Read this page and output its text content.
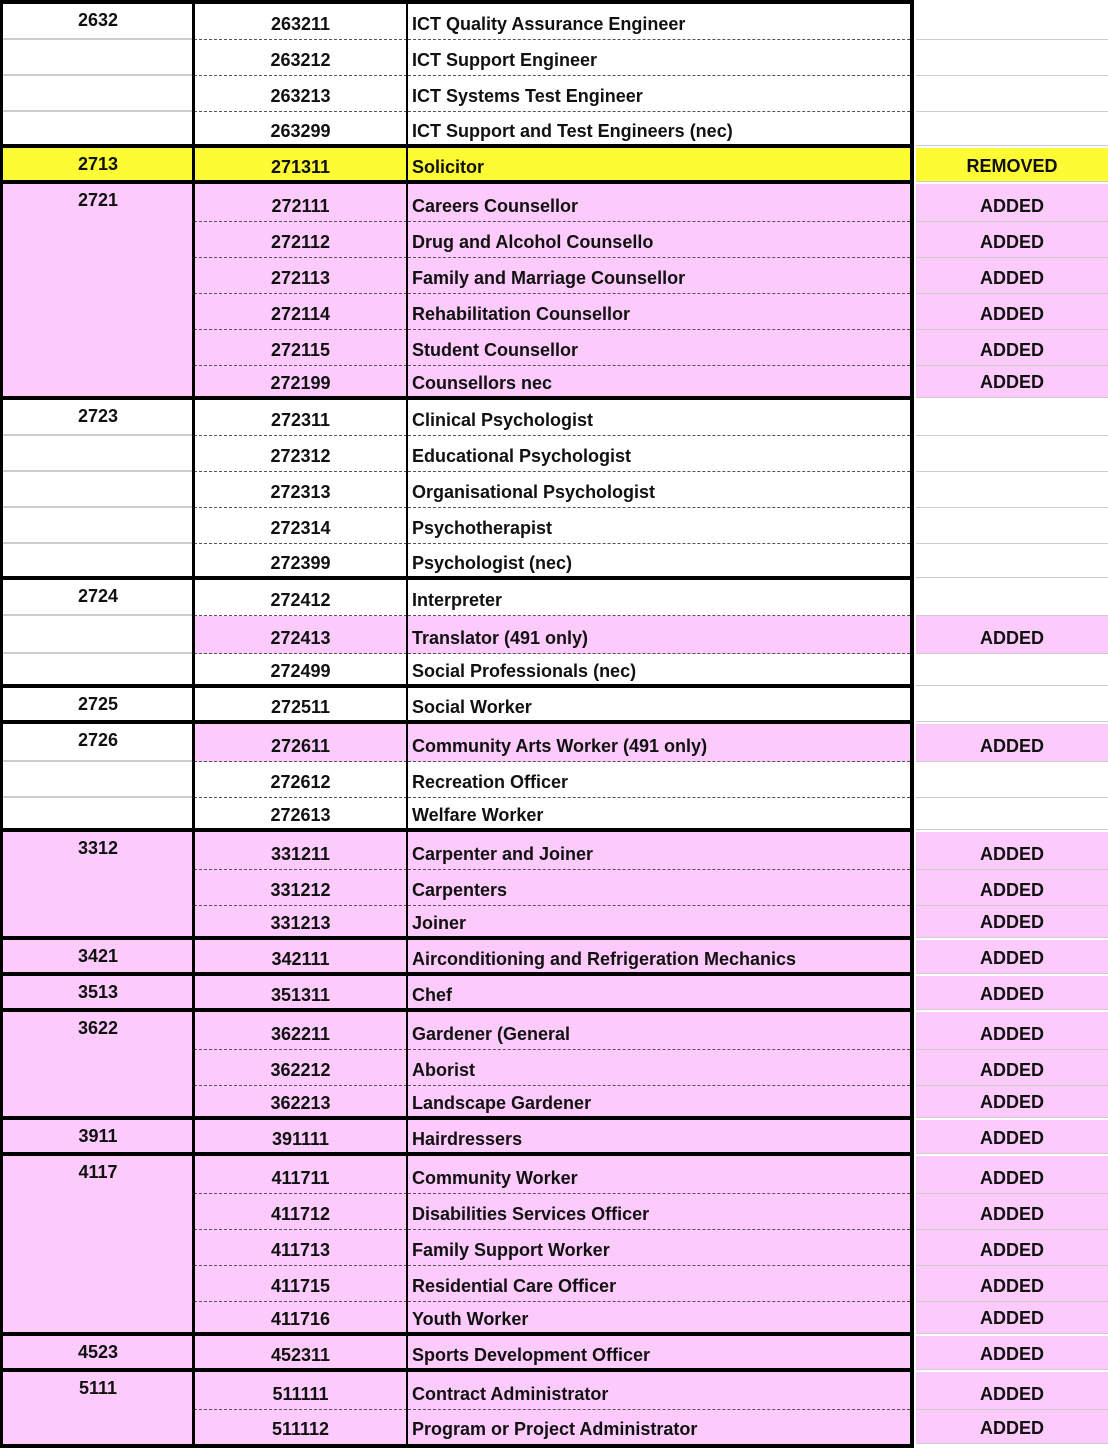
2632	263211	ICT Quality Assurance Engineer
263212	ICT Support Engineer
263213	ICT Systems Test Engineer
263299	ICT Support and Test Engineers (nec)
2713	271311	Solicitor	REMOVED
2721	272111	Careers Counsellor	ADDED
272112	Drug and Alcohol Counsello	ADDED
272113	Family and Marriage Counsellor	ADDED
272114	Rehabilitation Counsellor	ADDED
272115	Student Counsellor	ADDED
272199	Counsellors nec	ADDED
2723	272311	Clinical Psychologist
272312	Educational Psychologist
272313	Organisational Psychologist
272314	Psychotherapist
272399	Psychologist (nec)
2724	272412	Interpreter
272413	Translator (491 only)	ADDED
272499	Social Professionals (nec)
2725	272511	Social Worker
2726	272611	Community Arts Worker (491 only)	ADDED
272612	Recreation Officer
272613	Welfare Worker
3312	331211	Carpenter and Joiner	ADDED
331212	Carpenters	ADDED
331213	Joiner	ADDED
3421	342111	Airconditioning and Refrigeration Mechanics	ADDED
3513	351311	Chef	ADDED
3622	362211	Gardener (General	ADDED
362212	Aborist	ADDED
362213	Landscape Gardener	ADDED
3911	391111	Hairdressers	ADDED
4117	411711	Community Worker	ADDED
411712	Disabilities Services Officer	ADDED
411713	Family Support Worker	ADDED
411715	Residential Care Officer	ADDED
411716	Youth Worker	ADDED
4523	452311	Sports Development Officer	ADDED
5111	511111	Contract Administrator	ADDED
511112	Program or Project Administrator	ADDED
